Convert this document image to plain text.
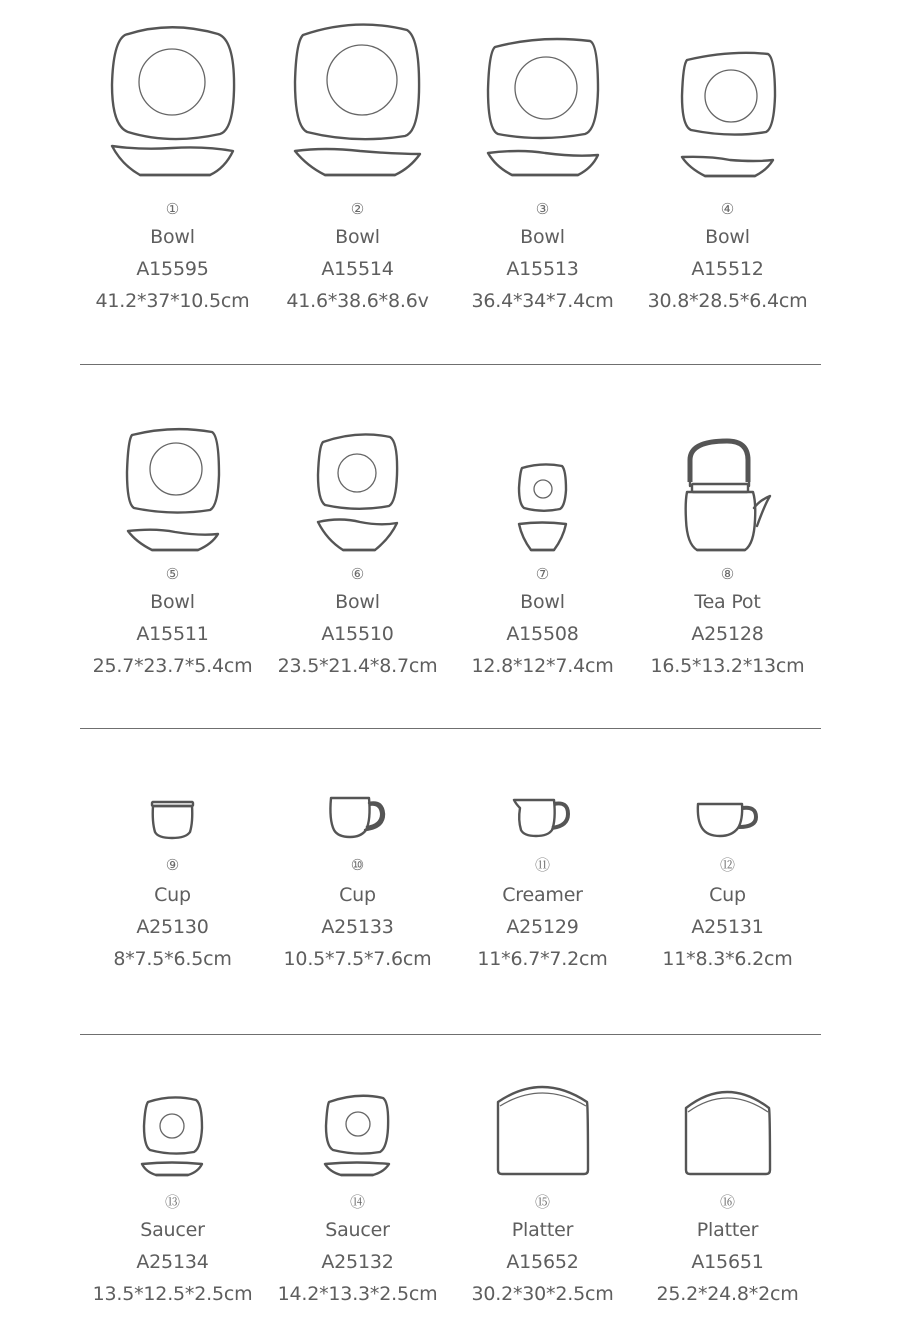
①
Bowl
A15595
41.2*37*10.5cm
②
Bowl
A15514
41.6*38.6*8.6v
③
Bowl
A15513
36.4*34*7.4cm
④
Bowl
A15512
30.8*28.5*6.4cm
⑤
Bowl
A15511
25.7*23.7*5.4cm
⑥
Bowl
A15510
23.5*21.4*8.7cm
⑦
Bowl
A15508
12.8*12*7.4cm
⑧
Tea Pot
A25128
16.5*13.2*13cm
⑨
Cup
A25130
8*7.5*6.5cm
⑩
Cup
A25133
10.5*7.5*7.6cm
⑪
Creamer
A25129
11*6.7*7.2cm
⑫
Cup
A25131
11*8.3*6.2cm
⑬
Saucer
A25134
13.5*12.5*2.5cm
⑭
Saucer
A25132
14.2*13.3*2.5cm
⑮
Platter
A15652
30.2*30*2.5cm
⑯
Platter
A15651
25.2*24.8*2cm
